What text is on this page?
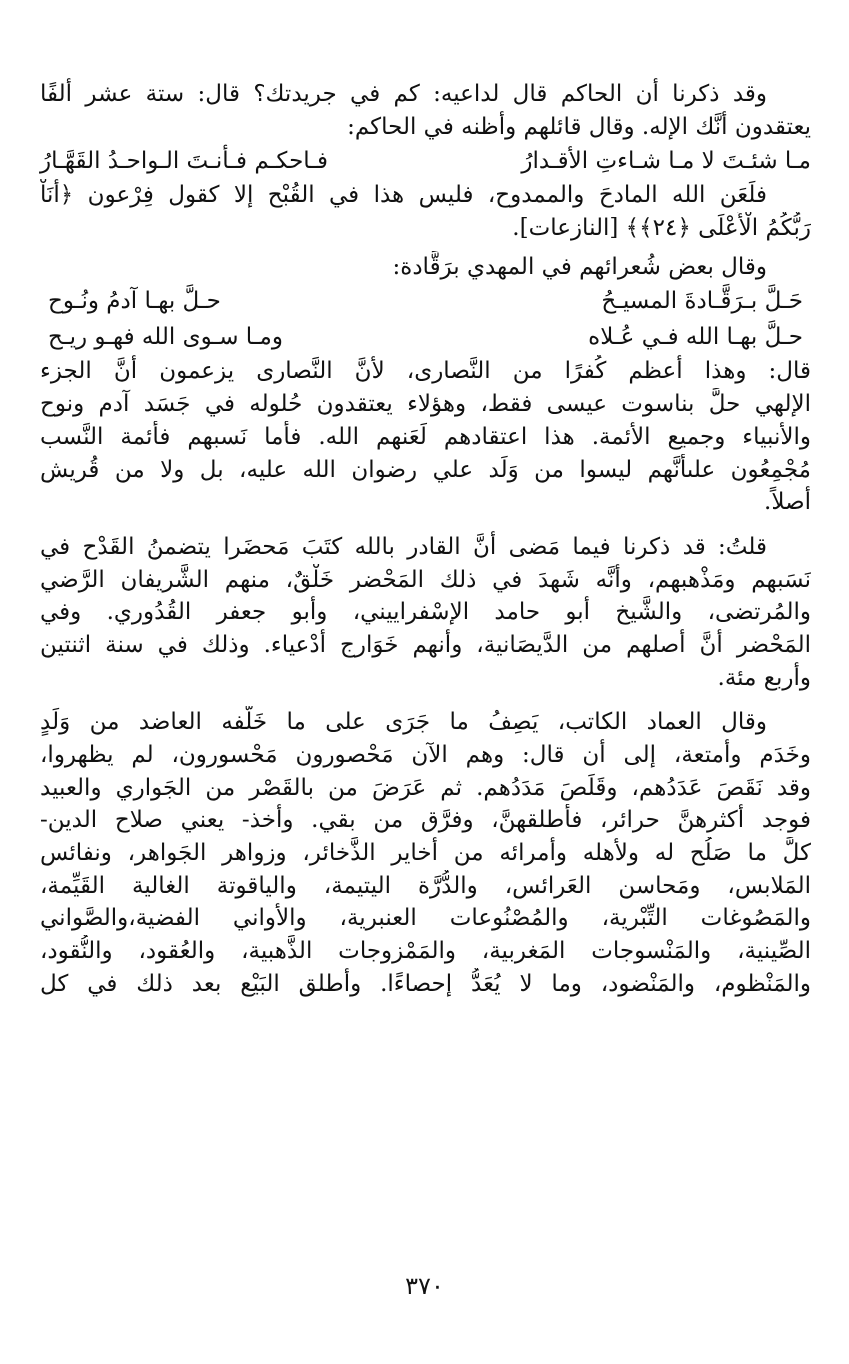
وقد ذكرنا أن الحاكم قال لداعيه: كم في جريدتك؟ قال: ستة عشر ألفًا
يعتقدون أنَّك الإله. وقال قائلهم وأظنه في الحاكم:
مـا شئـتَ لا مـا شـاءتِ الأقـدارُ
فـاحكـم فـأنـتَ الـواحـدُ القَهَّـارُ
فلَعَن الله المادحَ والممدوح، فليس هذا في القُبْح إلا كقول فِرْعون ﴿أَنَاْ
رَبُّكُمُ الْأَعْلَى ﴿٢٤﴾﴾ [النازعات].
وقال بعض شُعرائهم في المهدي برَقَّادة:
حَـلَّ بـرَقَّـادةَ المسيـحُ
حـلَّ بهـا آدمُ ونُـوح
حـلَّ بهـا الله فـي عُـلاه
ومـا سـوى الله فهـو ريـح
قال: وهذا أعظم كُفرًا من النَّصارى، لأنَّ النَّصارى يزعمون أنَّ الجزء
الإلهي حلَّ بناسوت عيسى فقط، وهؤلاء يعتقدون حُلوله في جَسَد آدم ونوح
والأنبياء وجميع الأئمة. هذا اعتقادهم لَعَنهم الله. فأما نَسبهم فأئمة النَّسب
مُجْمِعُون علىأنَّهم ليسوا من وَلَد علي رضوان الله عليه، بل ولا من قُريش
أصلاً.
قلتُ: قد ذكرنا فيما مَضى أنَّ القادر بالله كتَبَ مَحضَرا يتضمنُ القَدْح في
نَسَبهم ومَذْهبهم، وأنَّه شَهدَ في ذلك المَحْضر خَلْقٌ، منهم الشَّريفان الرَّضي
والمُرتضى، والشَّيخ أبو حامد الإسْفراييني، وأبو جعفر القُدُوري. وفي
المَحْضر أنَّ أصلهم من الدَّيصَانية، وأنهم خَوَارج أدْعياء. وذلك في سنة اثنتين
وأربع مئة.
وقال العماد الكاتب، يَصِفُ ما جَرَى على ما خَلَّفه العاضد من وَلَدٍ
وخَدَم وأمتعة، إلى أن قال: وهم الآن مَحْصورون مَحْسورون، لم يظهروا،
وقد نَقَصَ عَدَدُهم، وقَلَصَ مَدَدُهم. ثم عَرَضَ من بالقَصْر من الجَواري والعبيد
فوجد أكثرهنَّ حرائر، فأطلقهنَّ، وفرَّق من بقي. وأخذ- يعني صلاح الدين-
كلَّ ما صَلُح له ولأهله وأُمرائه من أخاير الذَّخائر، وزواهر الجَواهر، ونفائس
المَلابس، ومَحاسن العَرائس، والدُّرَّة اليتيمة، والياقوتة الغالية القَيِّمة،
والمَصُوغات التِّبْرية، والمُصْنُوعات العنبرية، والأواني الفضية،والصَّواني
الصِّينية، والمَنْسوجات المَغربية، والمَمْزوجات الذَّهبية، والعُقود، والنُّقود،
والمَنْظوم، والمَنْضود، وما لا يُعَدُّ إحصاءًا. وأطلق البَيْع بعد ذلك في كل
٣٧٠
